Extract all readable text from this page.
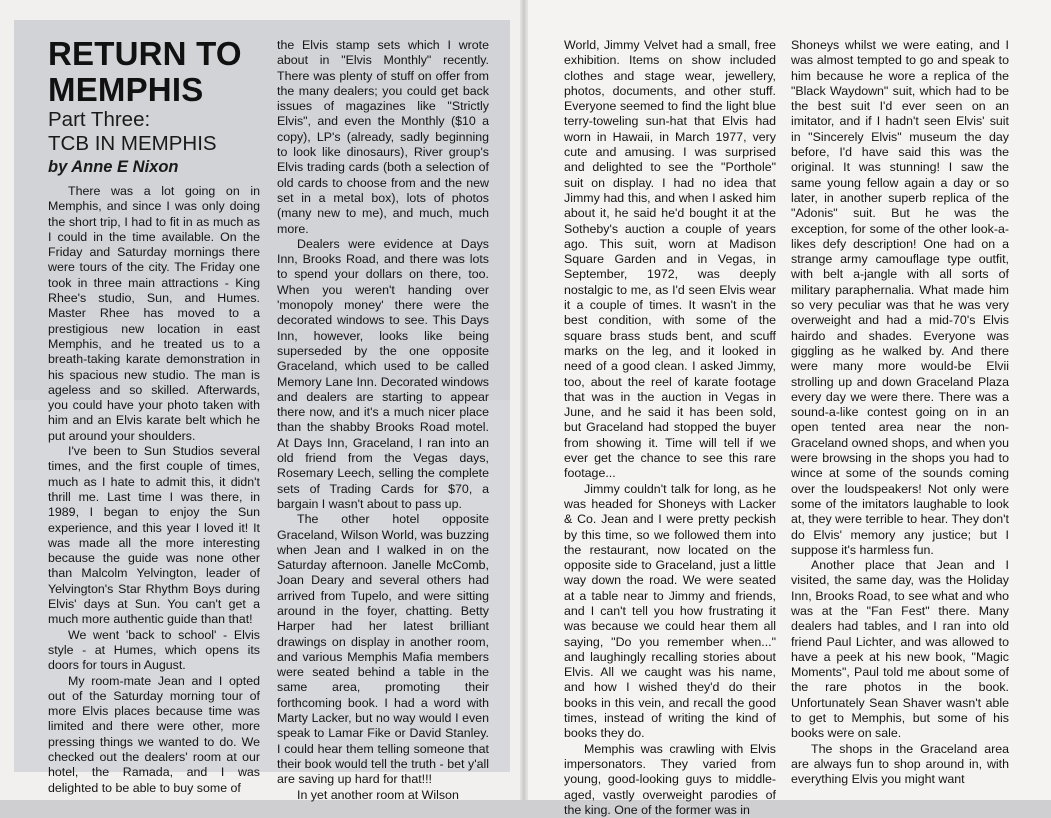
RETURN TO
MEMPHIS
Part Three:
TCB IN MEMPHIS
by Anne E Nixon

There was a lot going on in Memphis, and since I was only doing the short trip, I had to fit in as much as I could in the time available. On the Friday and Saturday mornings there were tours of the city. The Friday one took in three main attractions - King Rhee's studio, Sun, and Humes. Master Rhee has moved to a prestigious new location in east Memphis, and he treated us to a breath-taking karate demonstration in his spacious new studio. The man is ageless and so skilled. Afterwards, you could have your photo taken with him and an Elvis karate belt which he put around your shoulders.

I've been to Sun Studios several times, and the first couple of times, much as I hate to admit this, it didn't thrill me. Last time I was there, in 1989, I began to enjoy the Sun experience, and this year I loved it! It was made all the more interesting because the guide was none other than Malcolm Yelvington, leader of Yelvington's Star Rhythm Boys during Elvis' days at Sun. You can't get a much more authentic guide than that!

We went 'back to school' - Elvis style - at Humes, which opens its doors for tours in August.

My room-mate Jean and I opted out of the Saturday morning tour of more Elvis places because time was limited and there were other, more pressing things we wanted to do. We checked out the dealers' room at our hotel, the Ramada, and I was delighted to be able to buy some of

the Elvis stamp sets which I wrote about in "Elvis Monthly" recently. There was plenty of stuff on offer from the many dealers; you could get back issues of magazines like "Strictly Elvis", and even the Monthly ($10 a copy), LP's (already, sadly beginning to look like dinosaurs), River group's Elvis trading cards (both a selection of old cards to choose from and the new set in a metal box), lots of photos (many new to me), and much, much more.

Dealers were evidence at Days Inn, Brooks Road, and there was lots to spend your dollars on there, too. When you weren't handing over 'monopoly money' there were the decorated windows to see. This Days Inn, however, looks like being superseded by the one opposite Graceland, which used to be called Memory Lane Inn. Decorated windows and dealers are starting to appear there now, and it's a much nicer place than the shabby Brooks Road motel. At Days Inn, Graceland, I ran into an old friend from the Vegas days, Rosemary Leech, selling the complete sets of Trading Cards for $70, a bargain I wasn't about to pass up.

The other hotel opposite Graceland, Wilson World, was buzzing when Jean and I walked in on the Saturday afternoon. Janelle McComb, Joan Deary and several others had arrived from Tupelo, and were sitting around in the foyer, chatting. Betty Harper had her latest brilliant drawings on display in another room, and various Memphis Mafia members were seated behind a table in the same area, promoting their forthcoming book. I had a word with Marty Lacker, but no way would I even speak to Lamar Fike or David Stanley. I could hear them telling someone that their book would tell the truth - bet y'all are saving up hard for that!!!

In yet another room at Wilson

World, Jimmy Velvet had a small, free exhibition. Items on show included clothes and stage wear, jewellery, photos, documents, and other stuff. Everyone seemed to find the light blue terry-toweling sun-hat that Elvis had worn in Hawaii, in March 1977, very cute and amusing. I was surprised and delighted to see the "Porthole" suit on display. I had no idea that Jimmy had this, and when I asked him about it, he said he'd bought it at the Sotheby's auction a couple of years ago. This suit, worn at Madison Square Garden and in Vegas, in September, 1972, was deeply nostalgic to me, as I'd seen Elvis wear it a couple of times. It wasn't in the best condition, with some of the square brass studs bent, and scuff marks on the leg, and it looked in need of a good clean. I asked Jimmy, too, about the reel of karate footage that was in the auction in Vegas in June, and he said it has been sold, but Graceland had stopped the buyer from showing it. Time will tell if we ever get the chance to see this rare footage...

Jimmy couldn't talk for long, as he was headed for Shoneys with Lacker & Co. Jean and I were pretty peckish by this time, so we followed them into the restaurant, now located on the opposite side to Graceland, just a little way down the road. We were seated at a table near to Jimmy and friends, and I can't tell you how frustrating it was because we could hear them all saying, "Do you remember when..." and laughingly recalling stories about Elvis. All we caught was his name, and how I wished they'd do their books in this vein, and recall the good times, instead of writing the kind of books they do.

Memphis was crawling with Elvis impersonators. They varied from young, good-looking guys to middle-aged, vastly overweight parodies of the king. One of the former was in

Shoneys whilst we were eating, and I was almost tempted to go and speak to him because he wore a replica of the "Black Waydown" suit, which had to be the best suit I'd ever seen on an imitator, and if I hadn't seen Elvis' suit in "Sincerely Elvis" museum the day before, I'd have said this was the original. It was stunning! I saw the same young fellow again a day or so later, in another superb replica of the "Adonis" suit. But he was the exception, for some of the other look-a-likes defy description! One had on a strange army camouflage type outfit, with belt a-jangle with all sorts of military paraphernalia. What made him so very peculiar was that he was very overweight and had a mid-70's Elvis hairdo and shades. Everyone was giggling as he walked by. And there were many more would-be Elvii strolling up and down Graceland Plaza every day we were there. There was a sound-a-like contest going on in an open tented area near the non-Graceland owned shops, and when you were browsing in the shops you had to wince at some of the sounds coming over the loudspeakers! Not only were some of the imitators laughable to look at, they were terrible to hear. They don't do Elvis' memory any justice; but I suppose it's harmless fun.

Another place that Jean and I visited, the same day, was the Holiday Inn, Brooks Road, to see what and who was at the "Fan Fest" there. Many dealers had tables, and I ran into old friend Paul Lichter, and was allowed to have a peek at his new book, "Magic Moments", Paul told me about some of the rare photos in the book. Unfortunately Sean Shaver wasn't able to get to Memphis, but some of his books were on sale.

The shops in the Graceland area are always fun to shop around in, with everything Elvis you might want
